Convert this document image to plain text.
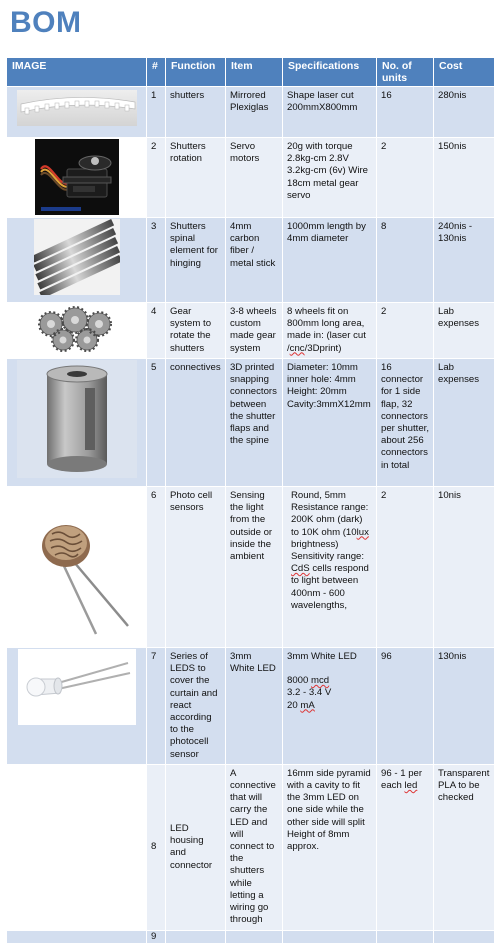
BOM
IMAGE	#	Function	Item	Specifications	No. of units	Cost

	1	shutters	Mirrored Plexiglas	Shape laser cut 200mmX800mm	16	280nis

	2	Shutters rotation	Servo motors	20g with torque 2.8kg-cm 2.8V 3.2kg-cm (6v) Wire 18cm metal gear servo	2	150nis

	3	Shutters spinal element for hinging	4mm carbon fiber / metal stick	1000mm length by 4mm diameter	8	240nis - 130nis

	4	Gear system to rotate the shutters	3-8 wheels custom made gear system	8 wheels fit on 800mm long area, made in: (laser cut /cnc/3Dprint)	2	Lab expenses

	5	connectives	3D printed snapping connectors between the shutter flaps and the spine	Diameter: 10mm
inner hole: 4mm
Height: 20mm
Cavity:3mmX12mm	16 connector for 1 side flap, 32 connectors per shutter, about 256 connectors in total	Lab expenses

	6	Photo cell sensors	Sensing the light from the outside or inside the ambient	Round, 5mm Resistance range: 200K ohm (dark) to 10K ohm (10lux brightness) Sensitivity range: CdS cells respond to light between 400nm - 600 wavelengths,	2	10nis

	7	Series of LEDS to cover the curtain and react according to the photocell sensor	3mm White LED	3mm White LED
8000 mcd
3.2 - 3.4 V
20 mA	96	130nis
	8	LED housing and connector	A connective that will carry the LED and will connect to the shutters while letting a wiring go through	16mm side pyramid with a cavity to fit the 3mm LED on one side while the other side will split Height of 8mm approx.	96 - 1 per each led	Transparent PLA to be checked
	9					
